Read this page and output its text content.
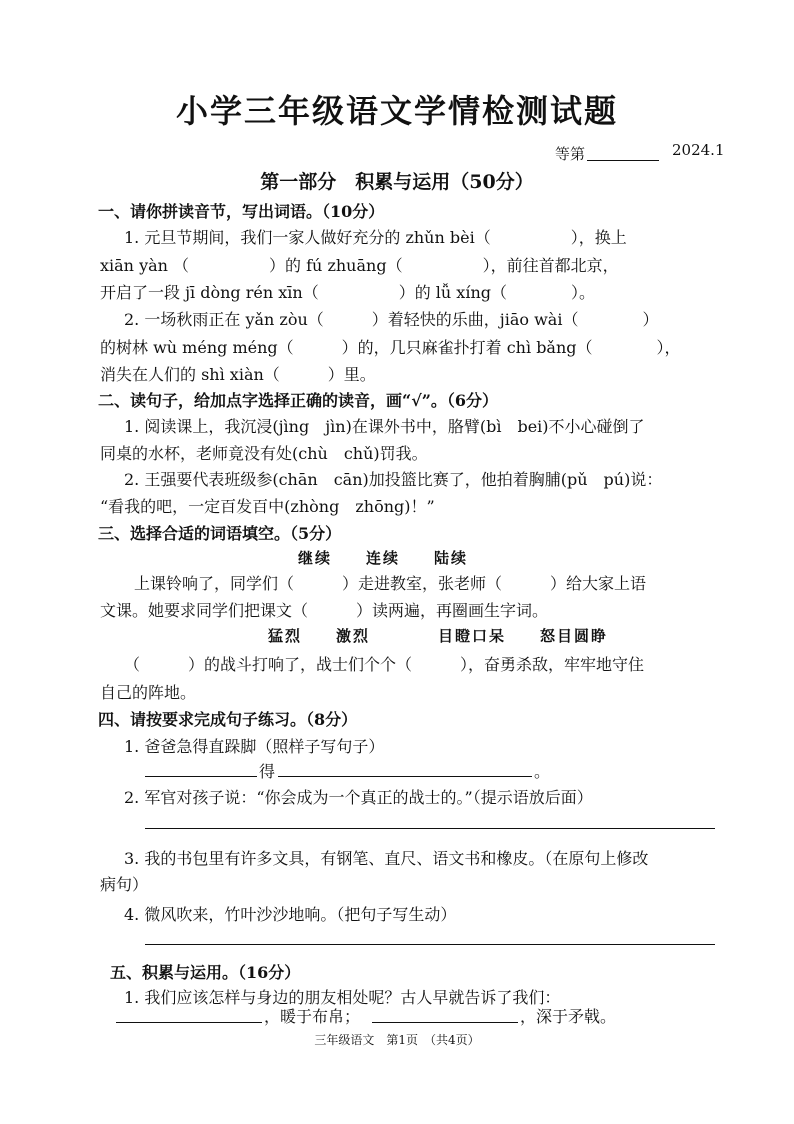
小学三年级语文学情检测试题
等第	2024.1
第一部分　积累与运用（50分）
一、请你拼读音节，写出词语。（10分）
1. 元旦节期间，我们一家人做好充分的 zhǔn bèi（　　　　　），换上
xiān yàn （　　　　　）的 fú zhuāng（　　　　　），前往首都北京，
开启了一段 jī dòng rén xīn（　　　　　）的 lǚ xíng（　　　　）。
2. 一场秋雨正在 yǎn zòu（　　　）着轻快的乐曲，jiāo wài（　　　　）
的树林 wù méng méng（　　　）的，几只麻雀扑打着 chì bǎng（　　　　），
消失在人们的 shì xiàn（　　　）里。
二、读句子，给加点字选择正确的读音，画“√”。（6分）
1. 阅读课上，我沉浸(jìng　jìn)在课外书中，胳臂(bì　bei)不小心碰倒了
同桌的水杯，老师竟没有处(chù　chǔ)罚我。
2. 王强要代表班级参(chān　cān)加投篮比赛了，他拍着胸脯(pǔ　pú)说：
“看我的吧，一定百发百中(zhòng　zhōng)！”
三、选择合适的词语填空。（5分）
继续　　连续　　陆续
上课铃响了，同学们（　　　）走进教室，张老师（　　　）给大家上语
文课。她要求同学们把课文（　　　）读两遍，再圈画生字词。
猛烈　　激烈　　　　目瞪口呆　　怒目圆睁
（　　　）的战斗打响了，战士们个个（　　　），奋勇杀敌，牢牢地守住
自己的阵地。
四、请按要求完成句子练习。（8分）
1. 爸爸急得直跺脚（照样子写句子）
得	。
2. 军官对孩子说：“你会成为一个真正的战士的。”（提示语放后面）
3. 我的书包里有许多文具，有钢笔、直尺、语文书和橡皮。（在原句上修改
病句）
4. 微风吹来，竹叶沙沙地响。（把句子写生动）
五、积累与运用。（16分）
1. 我们应该怎样与身边的朋友相处呢？古人早就告诉了我们：
，暖于布帛；	，深于矛戟。
三年级语文　第1页　（共4页）
